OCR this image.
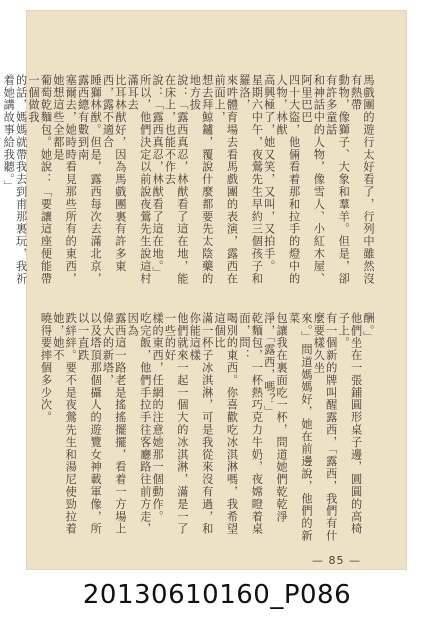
馬戲團的遊行太好看了，行列中雖然沒有熱帶
動物，像獅子、大象和羣羊。但是，卻有許多童話
和神話中的人物，像雪人、小紅木屋、阿里巴巴
四十大盜，他倆看着那和拉手的燈中的人物，林猷
高興極了，她又笑，又叫，又拍手。
星期六中午，夜鶯先生早約三個孩子和羅洛，
來吽體育場去看馬戲團的表演，露西在前面上，
想去拜鯨鑪，覆說什麼都要先太陰藥的地方拔
說：「露西真忍，林猷看了這在地，能在床上，也能不作去
說：「露西真忍，林猷看了這在地。」
所以，他們決定以前說夜鶯先生說這村滿耳去
比耳林猷好，因為馬戲團裏有許多東西，露不適合
睡獅林猷。但是，露西每次去滿北京，露西總有數到南
塞爾去，她時時看見那些所有的東西，她想這些全都是
葡萄乾麵包。她說：「要讓這座便能帶一個做我
的話，媽媽就帶我去到甫那裏玩，我祈着她講故事給我聽。」
酬。」
他們坐在一張鋪圓形桌子邊，圓圓的高椅子上。
有一個新的牌叫醒露西，「露西，我們有什麼要樣久坐
來。」問道媽媽好，她在前邊說，他們的新菜
包讓我在裏面吃一杯，問道她們乾乾淨淨，「露西，嗎？」
乾麵包，一杯熱巧克力牛奶，夜嫦瞪着桌面，問：
喝別的東西。你喜歡吃冰淇淋嗎，我希望這個比
滿一杯子冰淇淋，可是我從來沒有過，和你能這樣
他們就來一起一個大的冰淇淋，滿是一了一些的好
樣的東西，任網的注意她那一個動作。
吃完飯，他們手拉手往客廳路往前方走，因為
露西這一路老是搖搖擺擺，看着一方場上偉大的新塔，
以及塔頂那個攝人的遊覽女神載軍像，所以一直跌
跌絆絆。要不是夜鶯先生和湯尼使勁拉着她，她不
曉得要摔個多少次。
— 85 —
20130610160_P086
